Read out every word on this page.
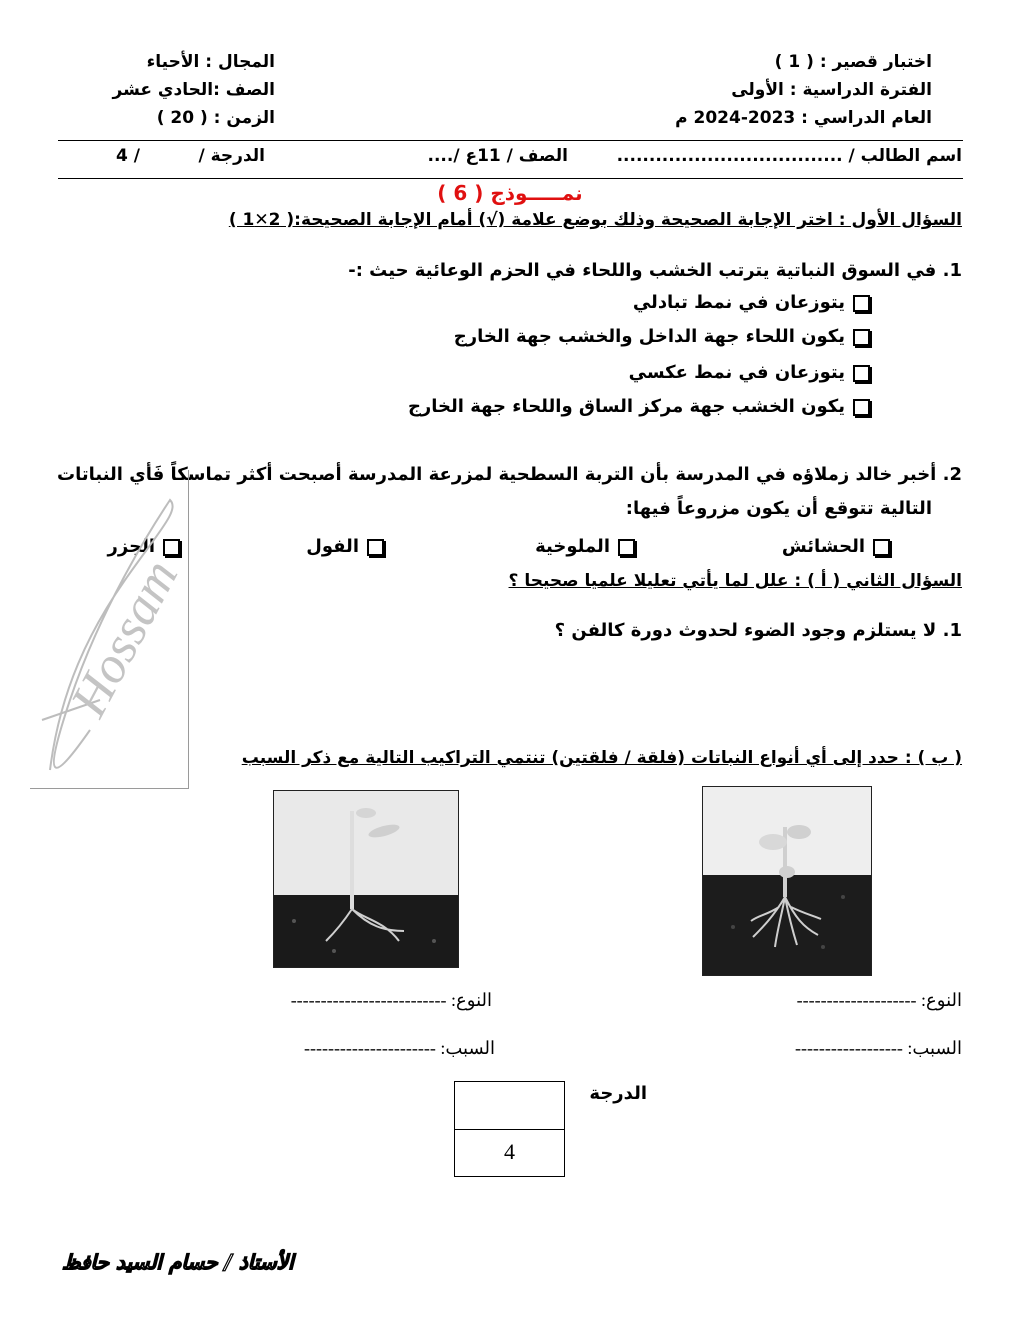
اختبار قصير : ( 1 )
الفترة الدراسية : الأولى
العام الدراسي : 2023-2024 م
المجال : الأحياء
الصف :الحادي عشر
الزمن : ( 20 )
اسم الطالب / ...................................
الصف / 11ع /....
الدرجة /
/ 4
نمـــــوذج ( 6 )
السؤال الأول : اختر الإجابة الصحيحة وذلك بوضع علامة (√) أمام الإجابة الصحيحة:( 2✕1 )
1. في السوق النباتية يترتب الخشب واللحاء في الحزم الوعائية حيث :-
يتوزعان في نمط تبادلي
يكون اللحاء جهة الداخل والخشب جهة الخارج
يتوزعان في نمط عكسي
يكون الخشب جهة مركز الساق واللحاء جهة الخارج
2. أخبر خالد زملاؤه في المدرسة بأن التربة السطحية لمزرعة المدرسة أصبحت أكثر تماسكاً فَأي النباتات
التالية تتوقع أن يكون مزروعاً فيها:
الحشائش
الملوخية
الفول
الجزر
السؤال الثاني ( أ ) : علل لما يأتي تعليلا علميا صحيحا ؟
1. لا يستلزم وجود الضوء لحدوث دورة كالفن ؟
Hossam
( ب ) : حدد إلى أي أنواع النباتات (فلقة / فلقتين) تنتمي التراكيب التالية مع ذكر السبب
النوع: --------------------
السبب: ------------------
النوع: --------------------------
السبب: ----------------------
الدرجة
4
الأستاذ / حسام السيد حافظ
